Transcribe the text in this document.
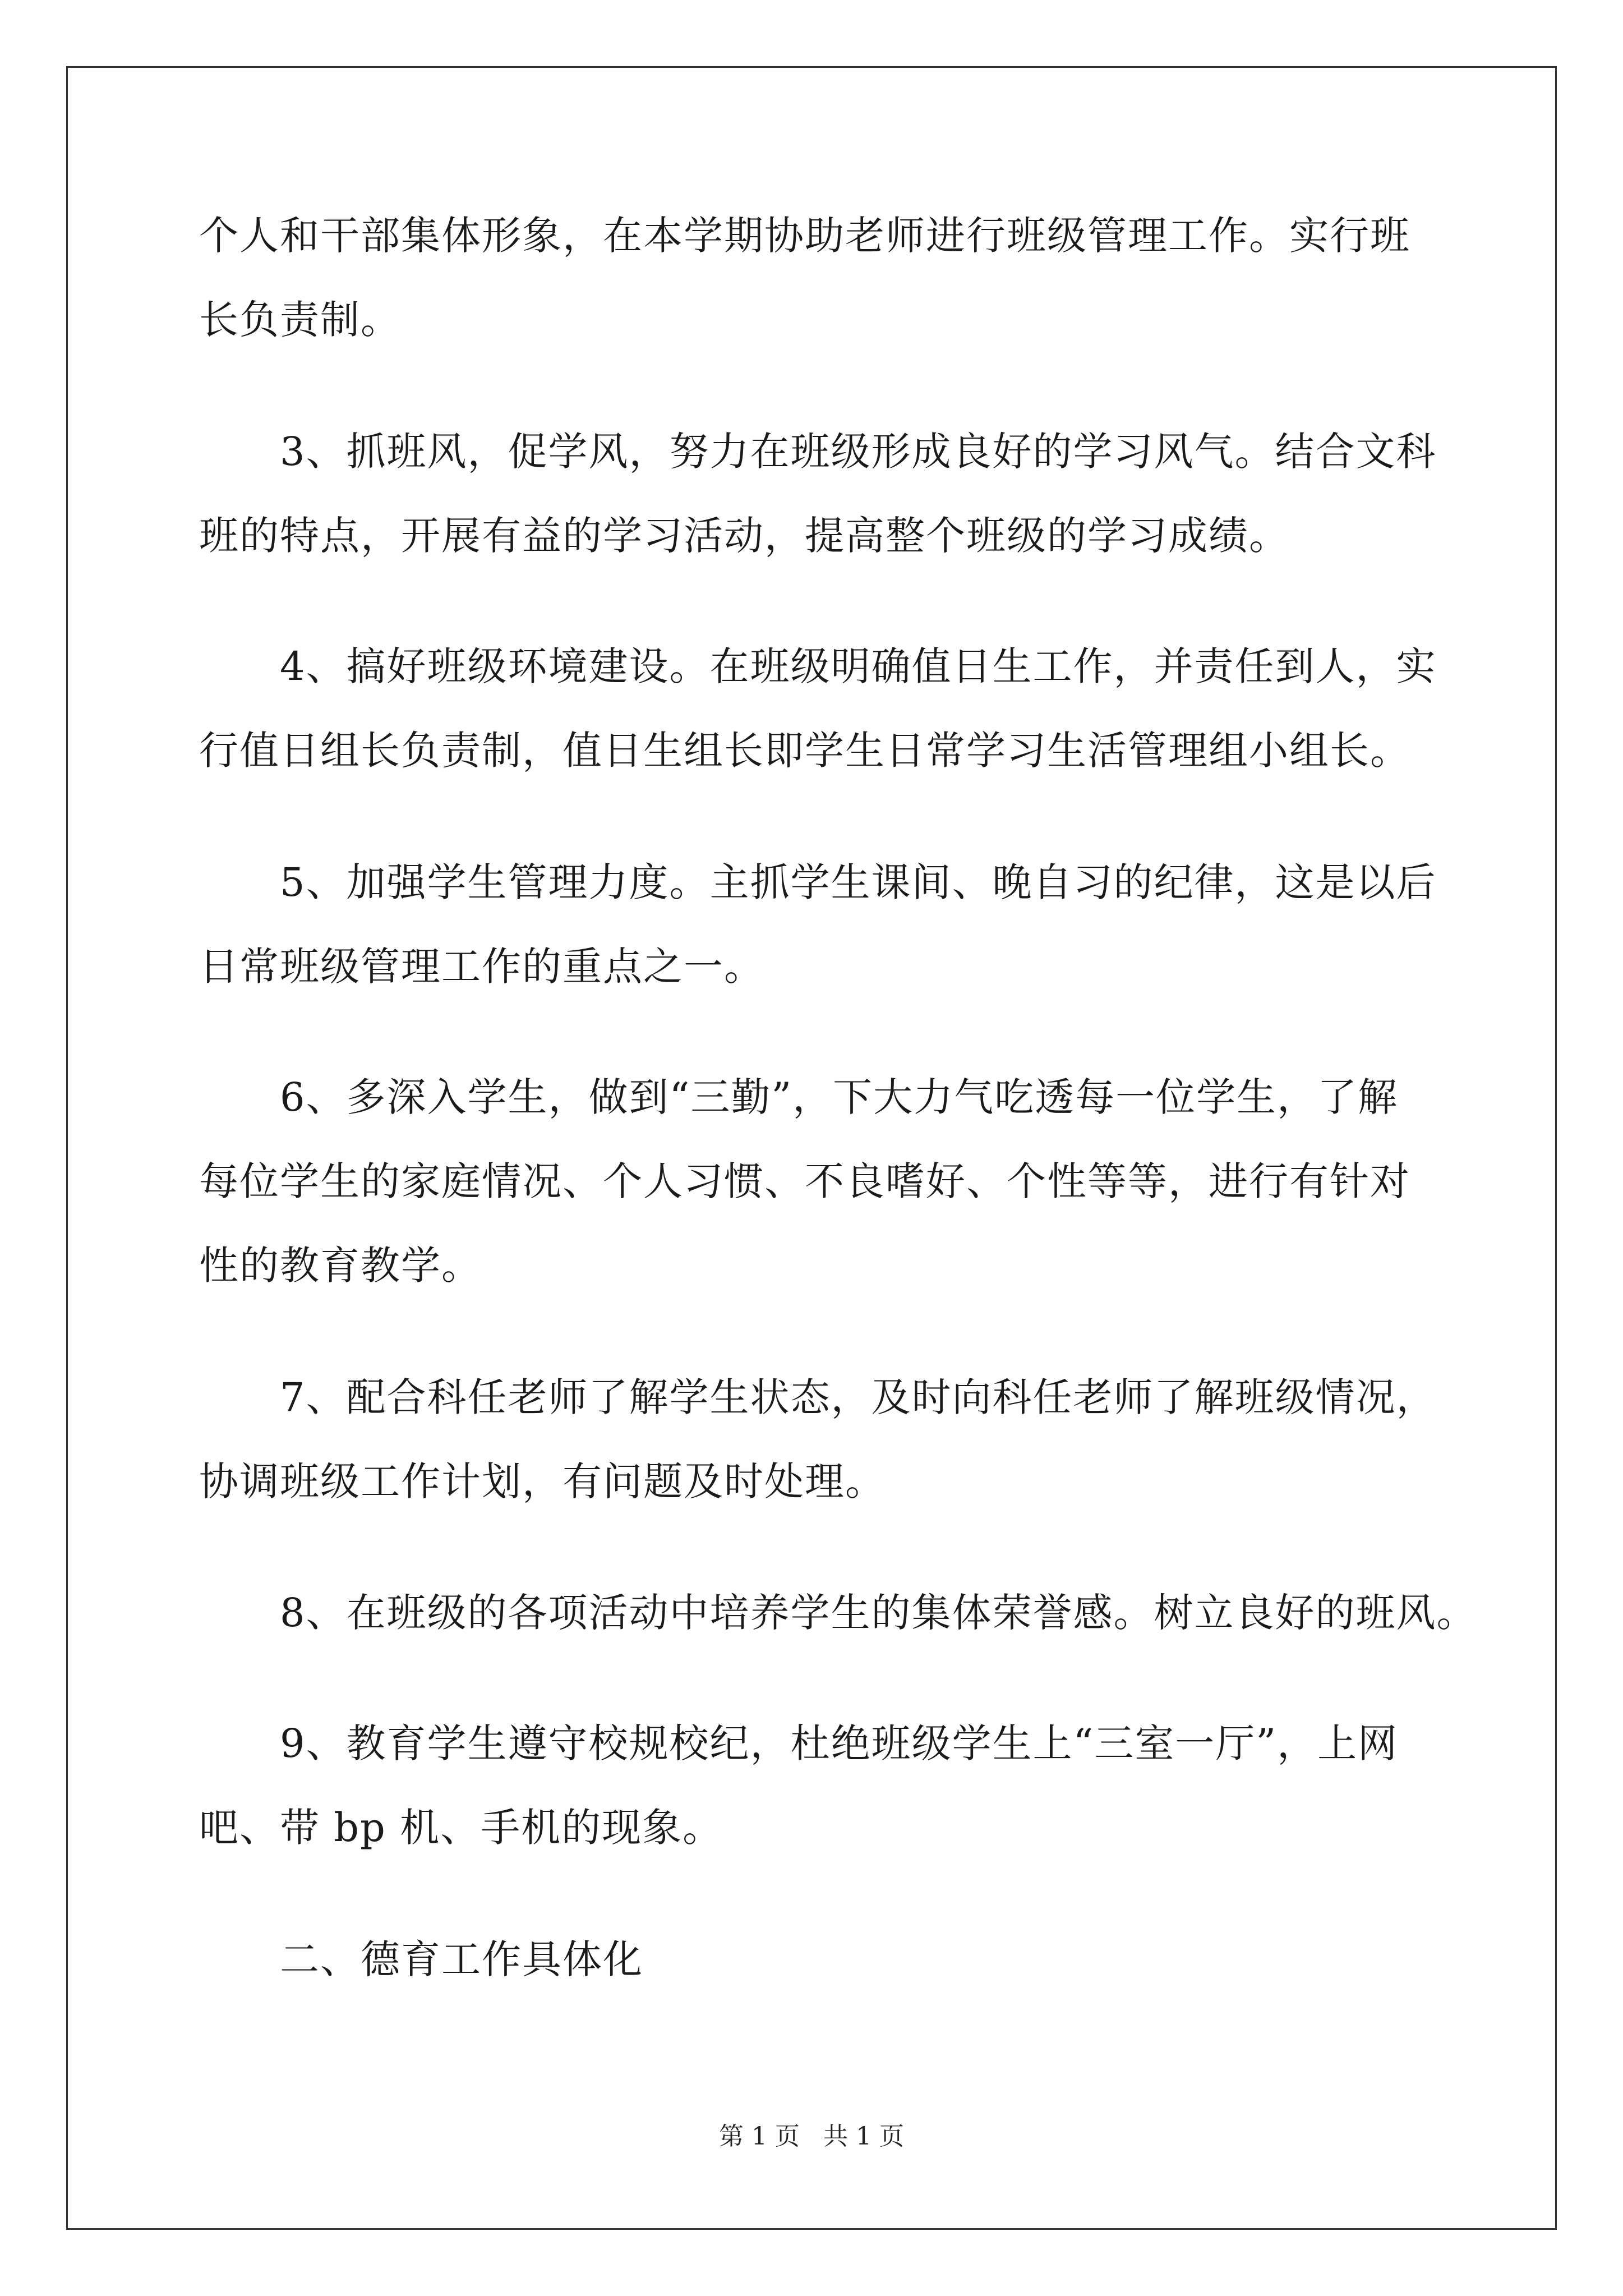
个人和干部集体形象，在本学期协助老师进行班级管理工作。实行班
长负责制。
　　3、抓班风，促学风，努力在班级形成良好的学习风气。结合文科
班的特点，开展有益的学习活动，提高整个班级的学习成绩。
　　4、搞好班级环境建设。在班级明确值日生工作，并责任到人，实
行值日组长负责制，值日生组长即学生日常学习生活管理组小组长。
　　5、加强学生管理力度。主抓学生课间、晚自习的纪律，这是以后
日常班级管理工作的重点之一。
　　6、多深入学生，做到“三勤”，下大力气吃透每一位学生，了解
每位学生的家庭情况、个人习惯、不良嗜好、个性等等，进行有针对
性的教育教学。
　　7、配合科任老师了解学生状态，及时向科任老师了解班级情况，
协调班级工作计划，有问题及时处理。
　　8、在班级的各项活动中培养学生的集体荣誉感。树立良好的班风。
　　9、教育学生遵守校规校纪，杜绝班级学生上“三室一厅”，上网
吧、带 bp 机、手机的现象。
　　二、德育工作具体化
第 1 页   共 1 页
